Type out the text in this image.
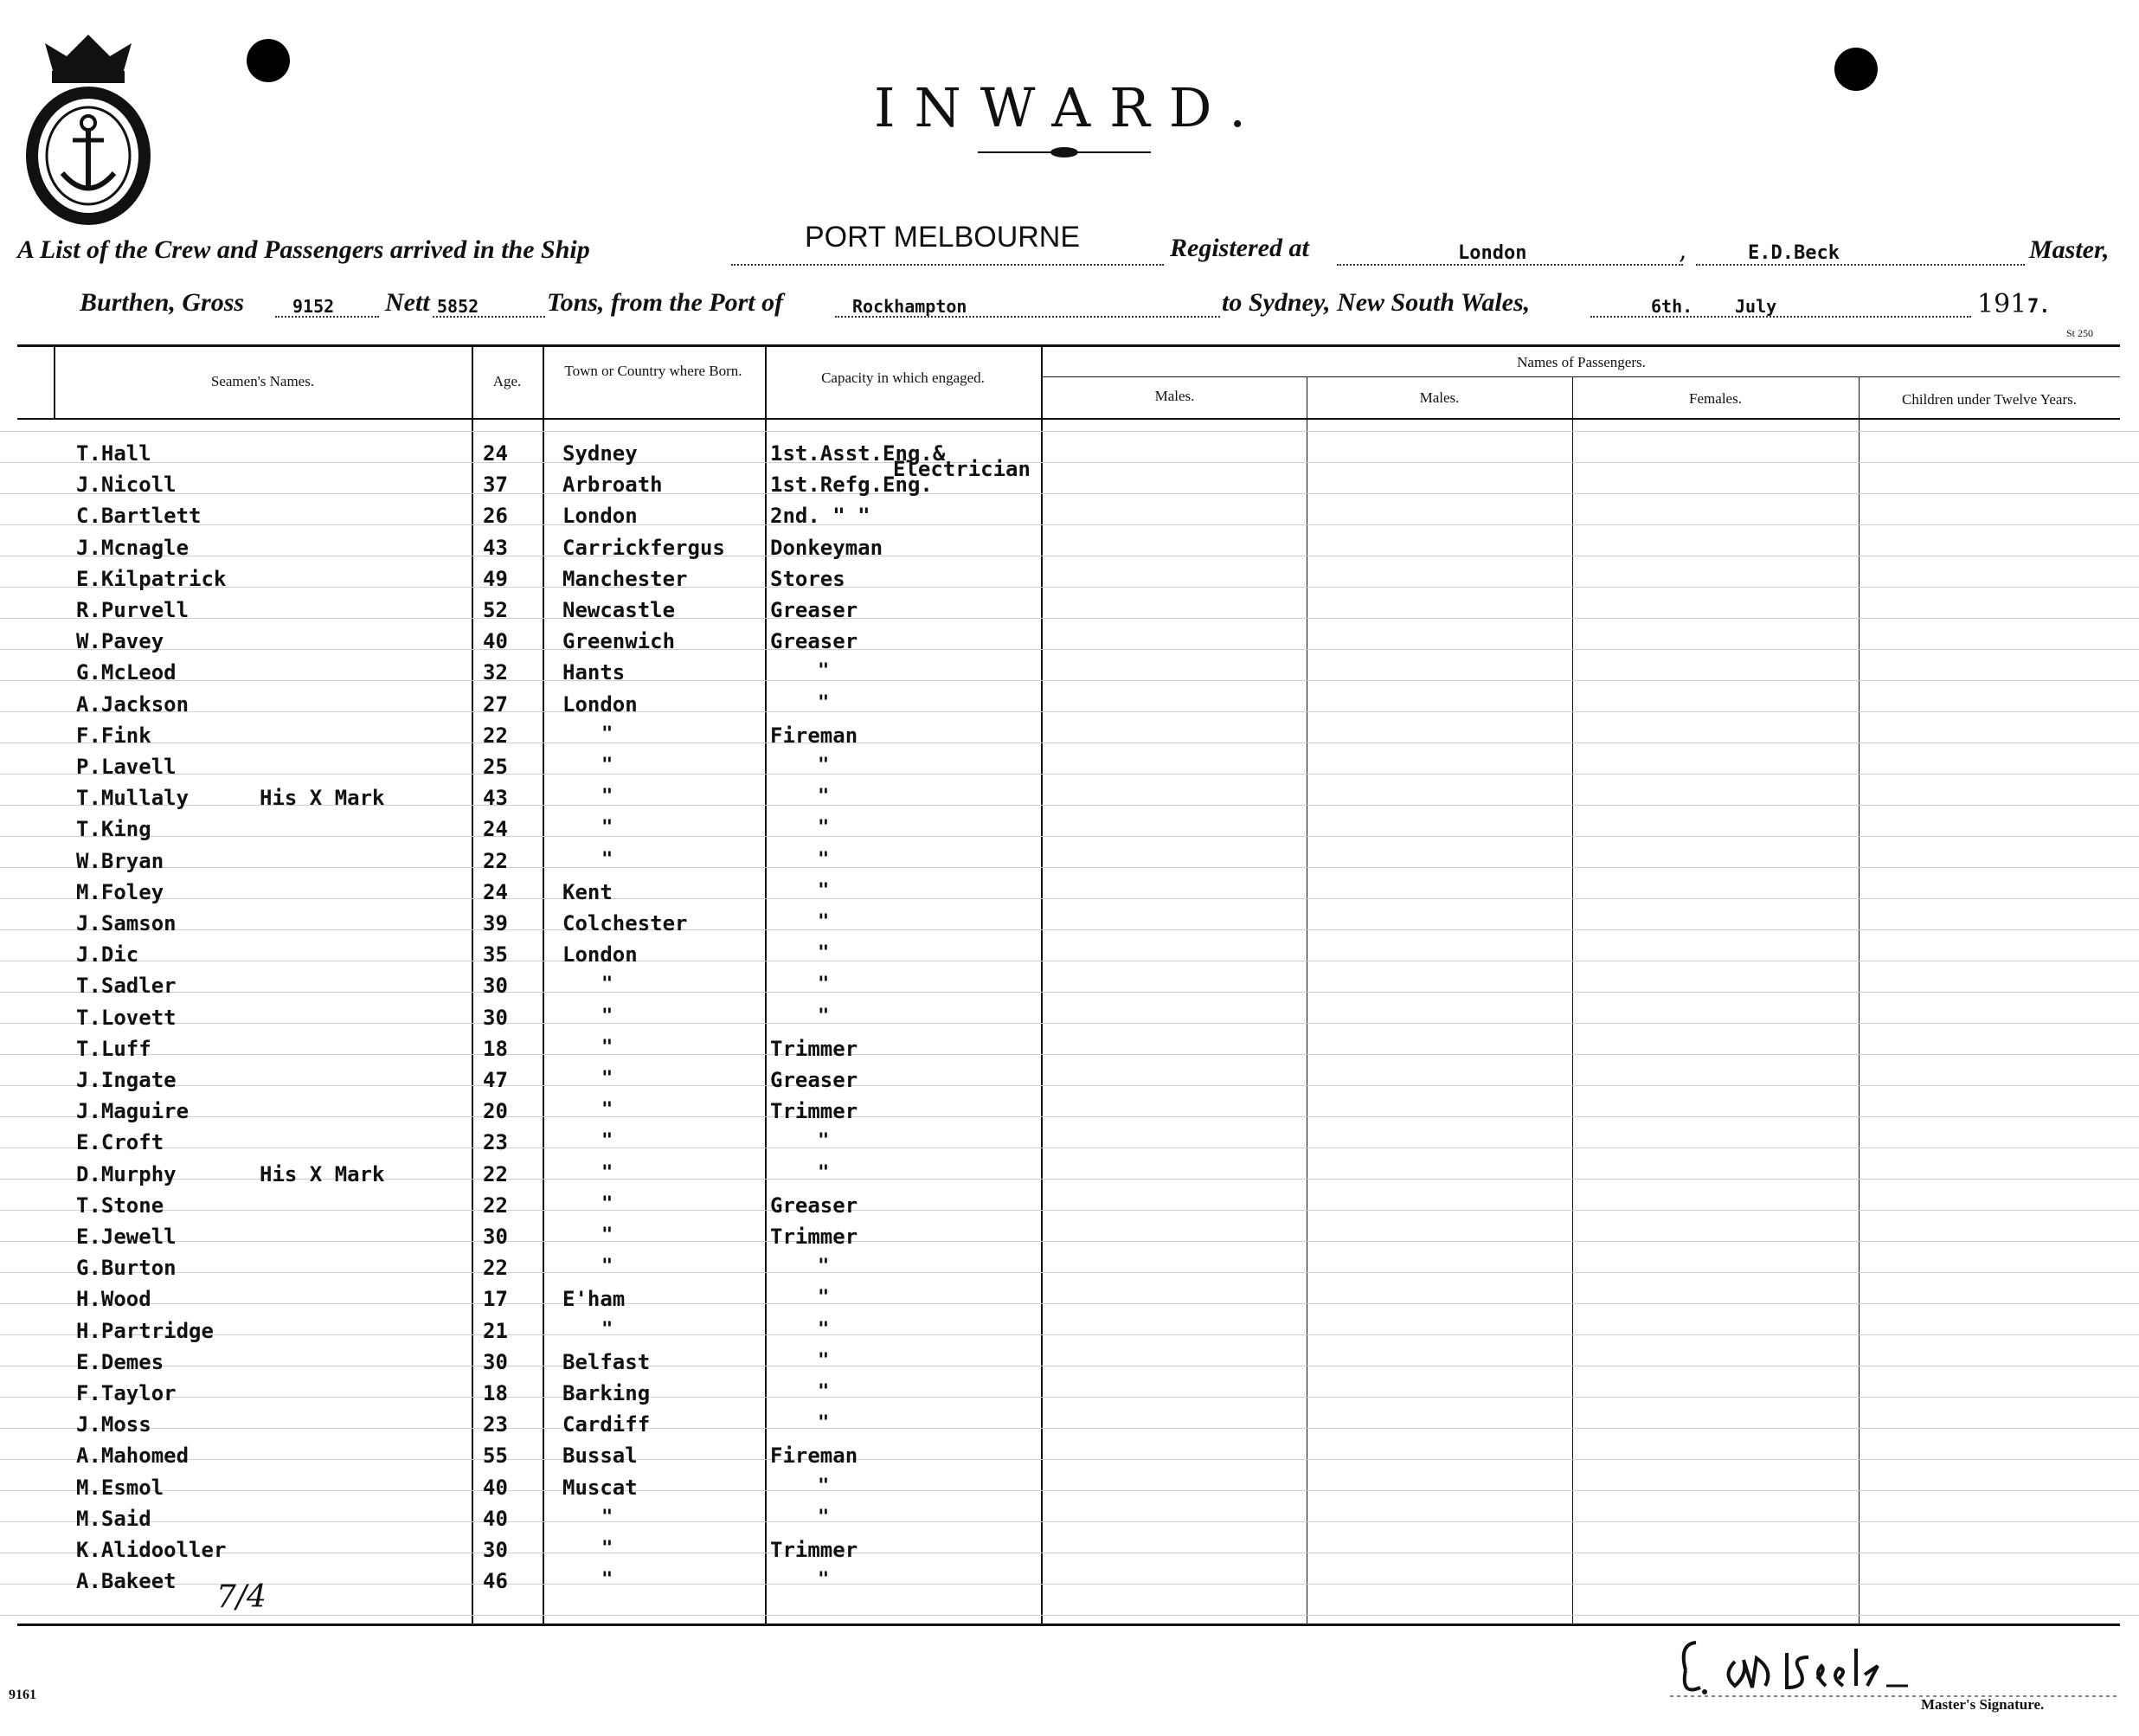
INWARD.
A List of the Crew and Passengers arrived in the Ship	PORT MELBOURNE	Registered at	London	,	E.D.Beck	Master,
Burthen, Gross	9152 Nett 5852	Tons, from the Port of	Rockhampton	to Sydney, New South Wales,	6th. July	191 7.
St 250
Seamen's Names.	Age.
Town or Country where Born.	Capacity in which engaged.
Names of Passengers.
Males.	Males.	Females.	Children under Twelve Years.
T.Hall	24	Sydney	1st.Asst.Eng.&
J.Nicoll	37	Arbroath	1st.Refg.Eng.
C.Bartlett	26	London	2nd. " "
J.Mcnagle	43	Carrickfergus Donkeyman
E.Kilpatrick	49	Manchester	Stores
R.Purvell	52	Newcastle	Greaser
W.Pavey	40	Greenwich	Greaser
G.McLeod	32	Hants	"
A.Jackson	27	London	"
F.Fink	22	"	Fireman
P.Lavell	25	"	"
T.Mullaly	His X Mark	43	"	"
T.King	24	"	"
W.Bryan	22	"	"
M.Foley	24	Kent	"
J.Samson	39	Colchester	"
J.Dic	35	London	"
T.Sadler	30	"	"
T.Lovett	30	"	"
T.Luff	18	"	Trimmer
J.Ingate	47	"	Greaser
J.Maguire	20	"	Trimmer
E.Croft	23	"	"
D.Murphy	His X Mark	22	"	"
T.Stone	22	"	Greaser
E.Jewell	30	"	Trimmer
G.Burton	22	"	"
H.Wood	17	E'ham	"
H.Partridge	21	"	"
E.Demes	30	Belfast	"
F.Taylor	18	Barking	"
J.Moss	23	Cardiff	"
A.Mahomed	55	Bussal	Fireman
M.Esmol	40	Muscat	"
M.Said	40	"	"
K.Alidooller	30	"	Trimmer
A.Bakeet	46	"	"
Electrician
7/4
Master's Signature.
9161
